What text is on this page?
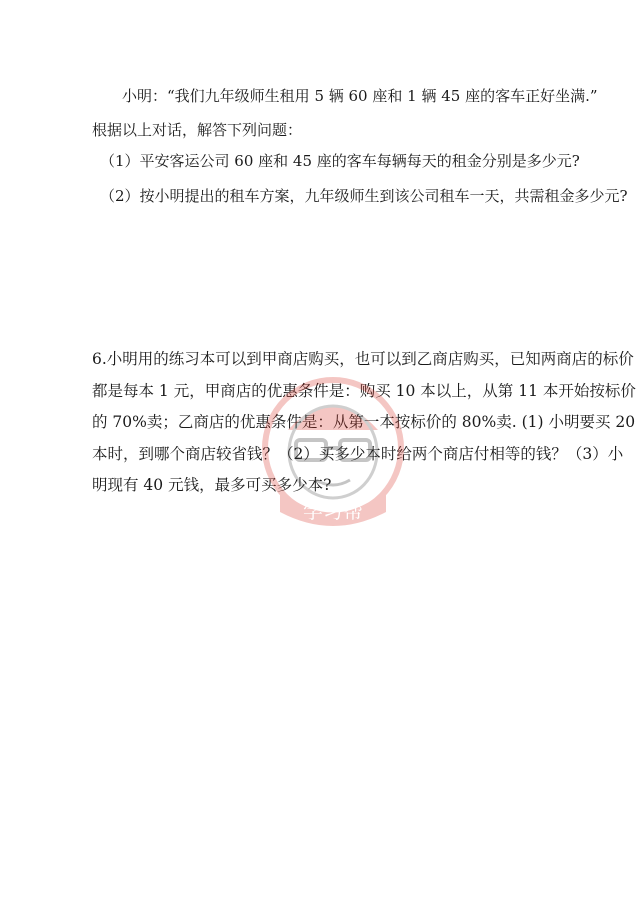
小明：“我们九年级师生租用 5 辆 60 座和 1 辆 45 座的客车正好坐满.”
根据以上对话，解答下列问题：
（1）平安客运公司 60 座和 45 座的客车每辆每天的租金分别是多少元?
（2）按小明提出的租车方案，九年级师生到该公司租车一天，共需租金多少元?
6.小明用的练习本可以到甲商店购买，也可以到乙商店购买，已知两商店的标价
都是每本 1 元，甲商店的优惠条件是：购买 10 本以上，从第 11 本开始按标价
的 70%卖；乙商店的优惠条件是：从第一本按标价的 80%卖. (1) 小明要买 20
本时，到哪个商店较省钱？（2）买多少本时给两个商店付相等的钱？（3）小
明现有 40 元钱，最多可买多少本?
学习帮
